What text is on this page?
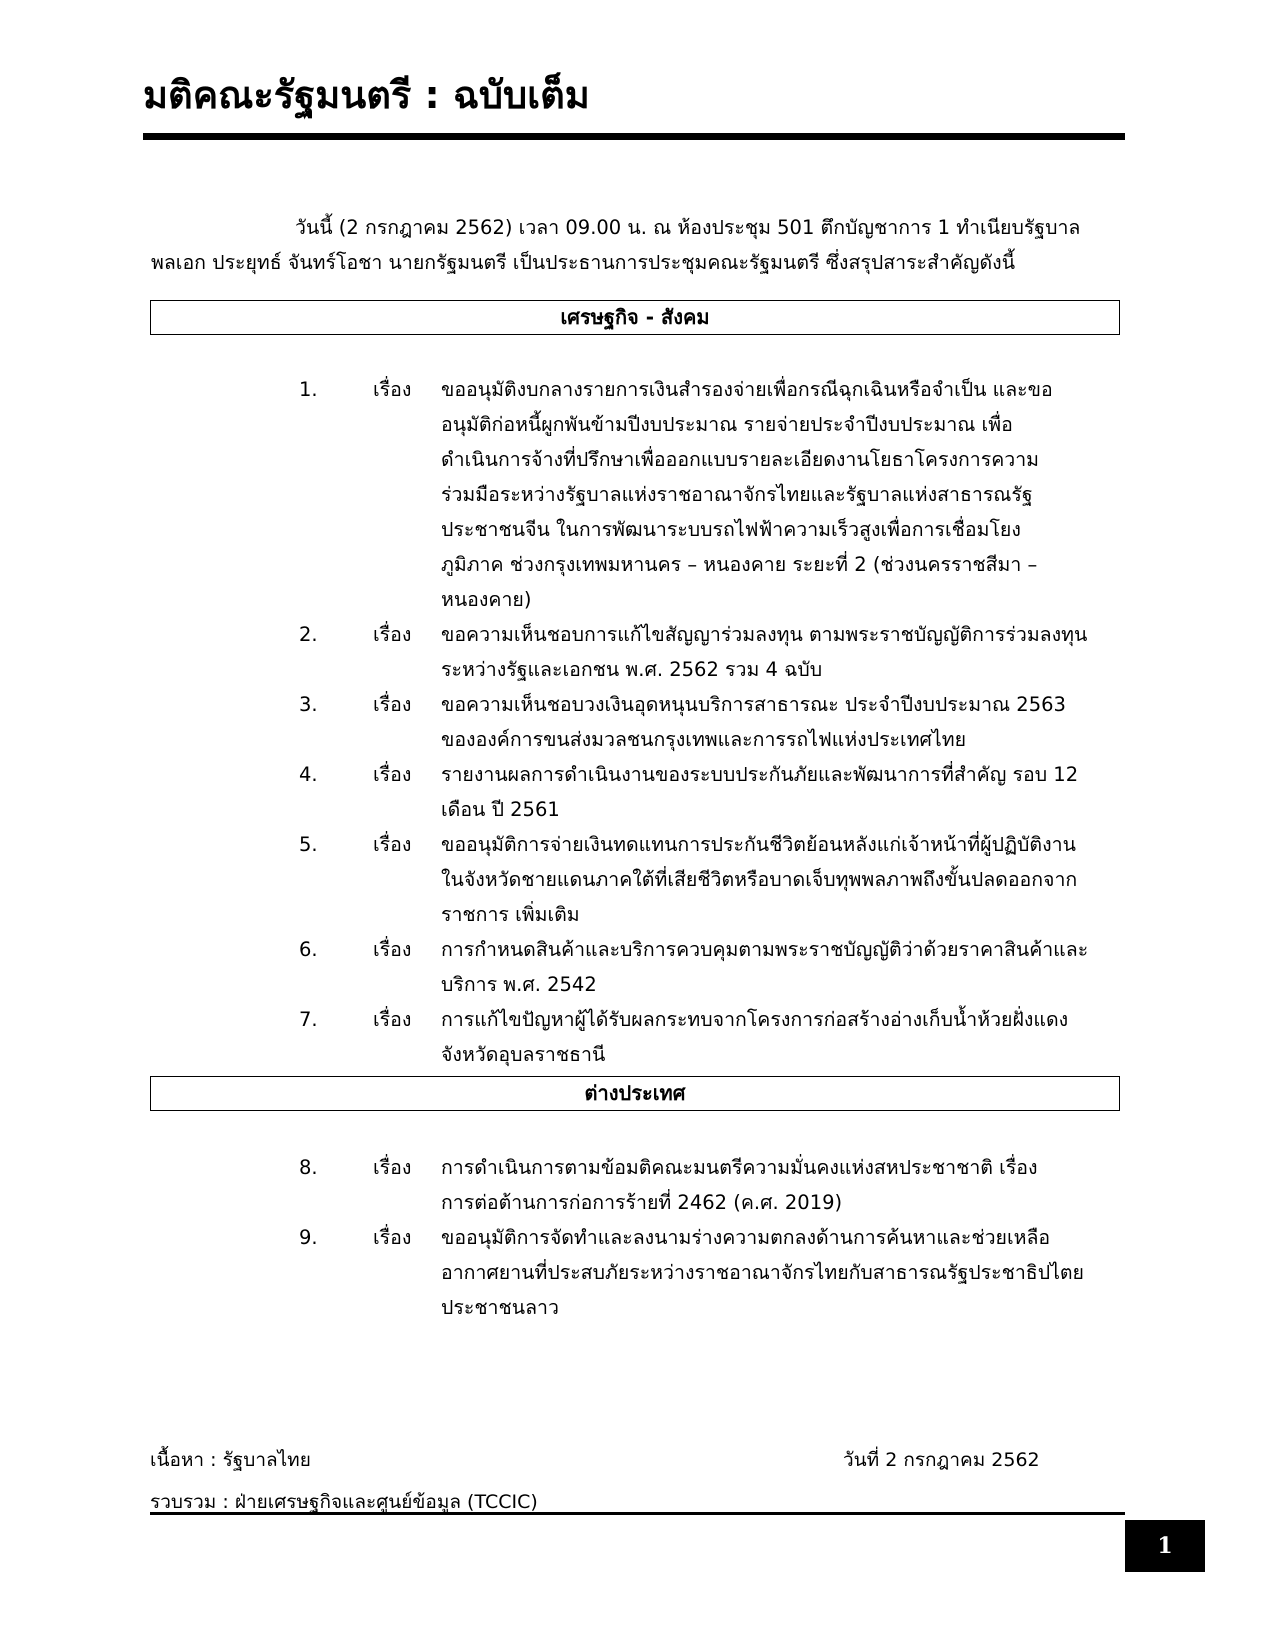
มติคณะรัฐมนตรี : ฉบับเต็ม
วันนี้ (2 กรกฎาคม 2562) เวลา 09.00 น. ณ ห้องประชุม 501 ตึกบัญชาการ 1 ทำเนียบรัฐบาล
พลเอก ประยุทธ์ จันทร์โอชา นายกรัฐมนตรี เป็นประธานการประชุมคณะรัฐมนตรี ซึ่งสรุปสาระสำคัญดังนี้
เศรษฐกิจ - สังคม
1.	เรื่อง ขออนุมัติงบกลางรายการเงินสำรองจ่ายเพื่อกรณีฉุกเฉินหรือจำเป็น และขอ
อนุมัติก่อหนี้ผูกพันข้ามปีงบประมาณ รายจ่ายประจำปีงบประมาณ เพื่อ
ดำเนินการจ้างที่ปรึกษาเพื่อออกแบบรายละเอียดงานโยธาโครงการความ
ร่วมมือระหว่างรัฐบาลแห่งราชอาณาจักรไทยและรัฐบาลแห่งสาธารณรัฐ
ประชาชนจีน ในการพัฒนาระบบรถไฟฟ้าความเร็วสูงเพื่อการเชื่อมโยง
ภูมิภาค ช่วงกรุงเทพมหานคร – หนองคาย ระยะที่ 2 (ช่วงนครราชสีมา –
หนองคาย)
2.	เรื่อง ขอความเห็นชอบการแก้ไขสัญญาร่วมลงทุน ตามพระราชบัญญัติการร่วมลงทุน
ระหว่างรัฐและเอกชน พ.ศ. 2562 รวม 4 ฉบับ
3.	เรื่อง ขอความเห็นชอบวงเงินอุดหนุนบริการสาธารณะ ประจำปีงบประมาณ 2563
ขององค์การขนส่งมวลชนกรุงเทพและการรถไฟแห่งประเทศไทย
4.	เรื่อง รายงานผลการดำเนินงานของระบบประกันภัยและพัฒนาการที่สำคัญ รอบ 12
เดือน ปี 2561
5.	เรื่อง ขออนุมัติการจ่ายเงินทดแทนการประกันชีวิตย้อนหลังแก่เจ้าหน้าที่ผู้ปฏิบัติงาน
ในจังหวัดชายแดนภาคใต้ที่เสียชีวิตหรือบาดเจ็บทุพพลภาพถึงขั้นปลดออกจาก
ราชการ เพิ่มเติม
6.	เรื่อง การกำหนดสินค้าและบริการควบคุมตามพระราชบัญญัติว่าด้วยราคาสินค้าและ
บริการ พ.ศ. 2542
7.	เรื่อง การแก้ไขปัญหาผู้ได้รับผลกระทบจากโครงการก่อสร้างอ่างเก็บน้ำห้วยฝั่งแดง
จังหวัดอุบลราชธานี
ต่างประเทศ
8.	เรื่อง การดำเนินการตามข้อมติคณะมนตรีความมั่นคงแห่งสหประชาชาติ เรื่อง
การต่อต้านการก่อการร้ายที่ 2462 (ค.ศ. 2019)
9.	เรื่อง ขออนุมัติการจัดทำและลงนามร่างความตกลงด้านการค้นหาและช่วยเหลือ
อากาศยานที่ประสบภัยระหว่างราชอาณาจักรไทยกับสาธารณรัฐประชาธิปไตย
ประชาชนลาว
เนื้อหา : รัฐบาลไทย	วันที่ 2 กรกฎาคม 2562
รวบรวม : ฝ่ายเศรษฐกิจและศูนย์ข้อมูล (TCCIC)
1
